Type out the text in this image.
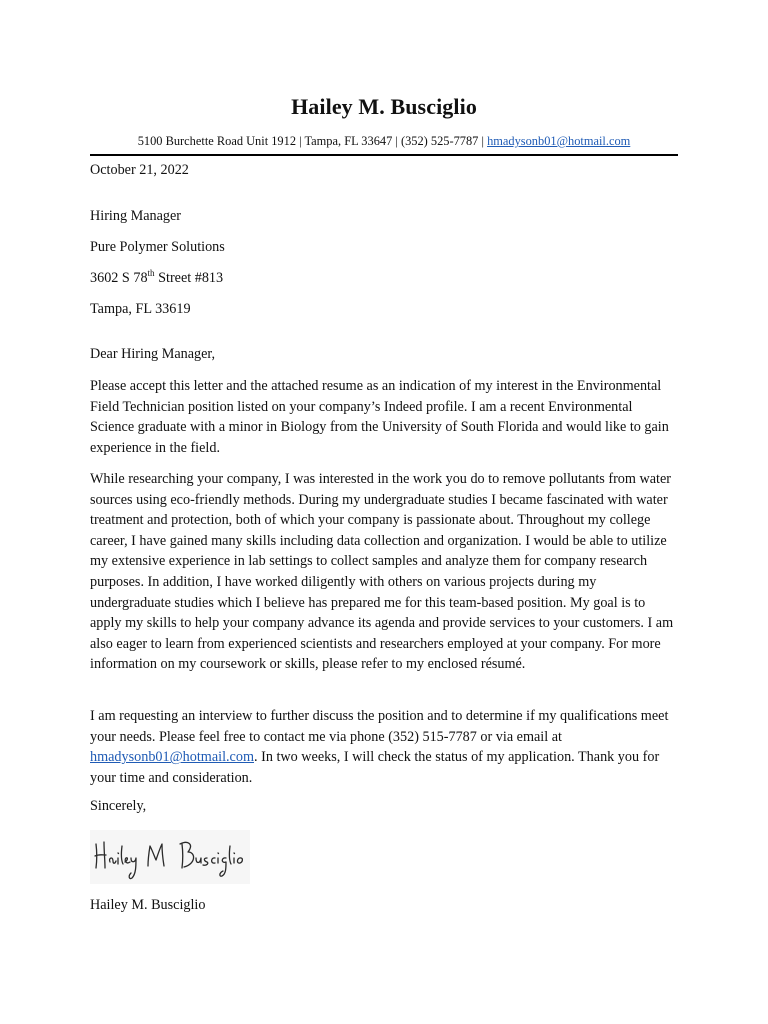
Hailey M. Busciglio
5100 Burchette Road Unit 1912 | Tampa, FL 33647 | (352) 525-7787 | hmadysonb01@hotmail.com
October 21, 2022
Hiring Manager
Pure Polymer Solutions
3602 S 78th Street #813
Tampa, FL 33619
Dear Hiring Manager,
Please accept this letter and the attached resume as an indication of my interest in the Environmental Field Technician position listed on your company’s Indeed profile. I am a recent Environmental Science graduate with a minor in Biology from the University of South Florida and would like to gain experience in the field.
While researching your company, I was interested in the work you do to remove pollutants from water sources using eco-friendly methods. During my undergraduate studies I became fascinated with water treatment and protection, both of which your company is passionate about. Throughout my college career, I have gained many skills including data collection and organization. I would be able to utilize my extensive experience in lab settings to collect samples and analyze them for company research purposes. In addition, I have worked diligently with others on various projects during my undergraduate studies which I believe has prepared me for this team-based position. My goal is to apply my skills to help your company advance its agenda and provide services to your customers. I am also eager to learn from experienced scientists and researchers employed at your company. For more information on my coursework or skills, please refer to my enclosed résumé.
I am requesting an interview to further discuss the position and to determine if my qualifications meet your needs. Please feel free to contact me via phone (352) 515-7787 or via email at hmadysonb01@hotmail.com. In two weeks, I will check the status of my application. Thank you for your time and consideration.
Sincerely,
Hailey M. Busciglio
